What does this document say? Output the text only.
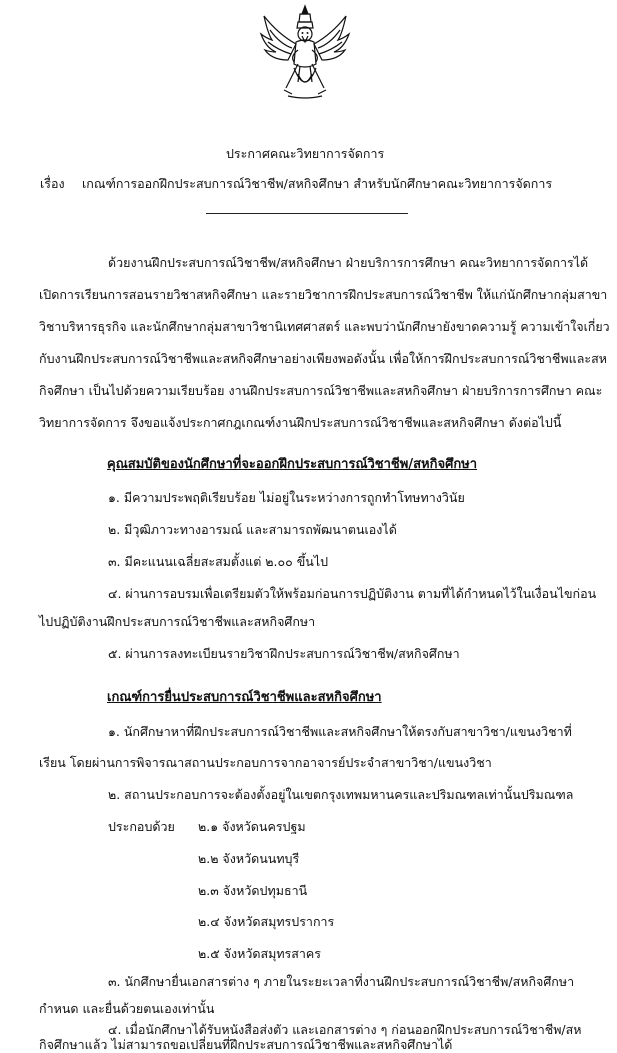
ประกาศคณะวิทยาการจัดการ
เรื่อง เกณฑ์การออกฝึกประสบการณ์วิชาชีพ/สหกิจศึกษา สำหรับนักศึกษาคณะวิทยาการจัดการ
ด้วยงานฝึกประสบการณ์วิชาชีพ/สหกิจศึกษา ฝ่ายบริการการศึกษา คณะวิทยาการจัดการได้
เปิดการเรียนการสอนรายวิชาสหกิจศึกษา และรายวิชาการฝึกประสบการณ์วิชาชีพ ให้แก่นักศึกษากลุ่มสาขา
วิชาบริหารธุรกิจ และนักศึกษากลุ่มสาขาวิชานิเทศศาสตร์ และพบว่านักศึกษายังขาดความรู้ ความเข้าใจเกี่ยว
กับงานฝึกประสบการณ์วิชาชีพและสหกิจศึกษาอย่างเพียงพอดังนั้น เพื่อให้การฝึกประสบการณ์วิชาชีพและสห
กิจศึกษา เป็นไปด้วยความเรียบร้อย งานฝึกประสบการณ์วิชาชีพและสหกิจศึกษา ฝ่ายบริการการศึกษา คณะ
วิทยาการจัดการ จึงขอแจ้งประกาศกฎเกณฑ์งานฝึกประสบการณ์วิชาชีพและสหกิจศึกษา ดังต่อไปนี้
คุณสมบัติของนักศึกษาที่จะออกฝึกประสบการณ์วิชาชีพ/สหกิจศึกษา
๑. มีความประพฤติเรียบร้อย ไม่อยู่ในระหว่างการถูกทำโทษทางวินัย
๒. มีวุฒิภาวะทางอารมณ์ และสามารถพัฒนาตนเองได้
๓. มีคะแนนเฉลี่ยสะสมตั้งแต่ ๒.๐๐ ขึ้นไป
๔. ผ่านการอบรมเพื่อเตรียมตัวให้พร้อมก่อนการปฏิบัติงาน ตามที่ได้กำหนดไว้ในเงื่อนไขก่อน
ไปปฏิบัติงานฝึกประสบการณ์วิชาชีพและสหกิจศึกษา
๕. ผ่านการลงทะเบียนรายวิชาฝึกประสบการณ์วิชาชีพ/สหกิจศึกษา
เกณฑ์การยื่นประสบการณ์วิชาชีพและสหกิจศึกษา
๑. นักศึกษาหาที่ฝึกประสบการณ์วิชาชีพและสหกิจศึกษาให้ตรงกับสาขาวิชา/แขนงวิชาที่
เรียน โดยผ่านการพิจารณาสถานประกอบการจากอาจารย์ประจำสาขาวิชา/แขนงวิชา
๒. สถานประกอบการจะต้องตั้งอยู่ในเขตกรุงเทพมหานครและปริมณฑลเท่านั้นปริมณฑล
ประกอบด้วย ๒.๑ จังหวัดนครปฐม
๒.๒ จังหวัดนนทบุรี
๒.๓ จังหวัดปทุมธานี
๒.๔ จังหวัดสมุทรปราการ
๒.๕ จังหวัดสมุทรสาคร
๓. นักศึกษายื่นเอกสารต่าง ๆ ภายในระยะเวลาที่งานฝึกประสบการณ์วิชาชีพ/สหกิจศึกษา
กำหนด และยื่นด้วยตนเองเท่านั้น
๔. เมื่อนักศึกษาได้รับหนังสือส่งตัว และเอกสารต่าง ๆ ก่อนออกฝึกประสบการณ์วิชาชีพ/สห
กิจศึกษาแล้ว ไม่สามารถขอเปลี่ยนที่ฝึกประสบการณ์วิชาชีพและสหกิจศึกษาได้
